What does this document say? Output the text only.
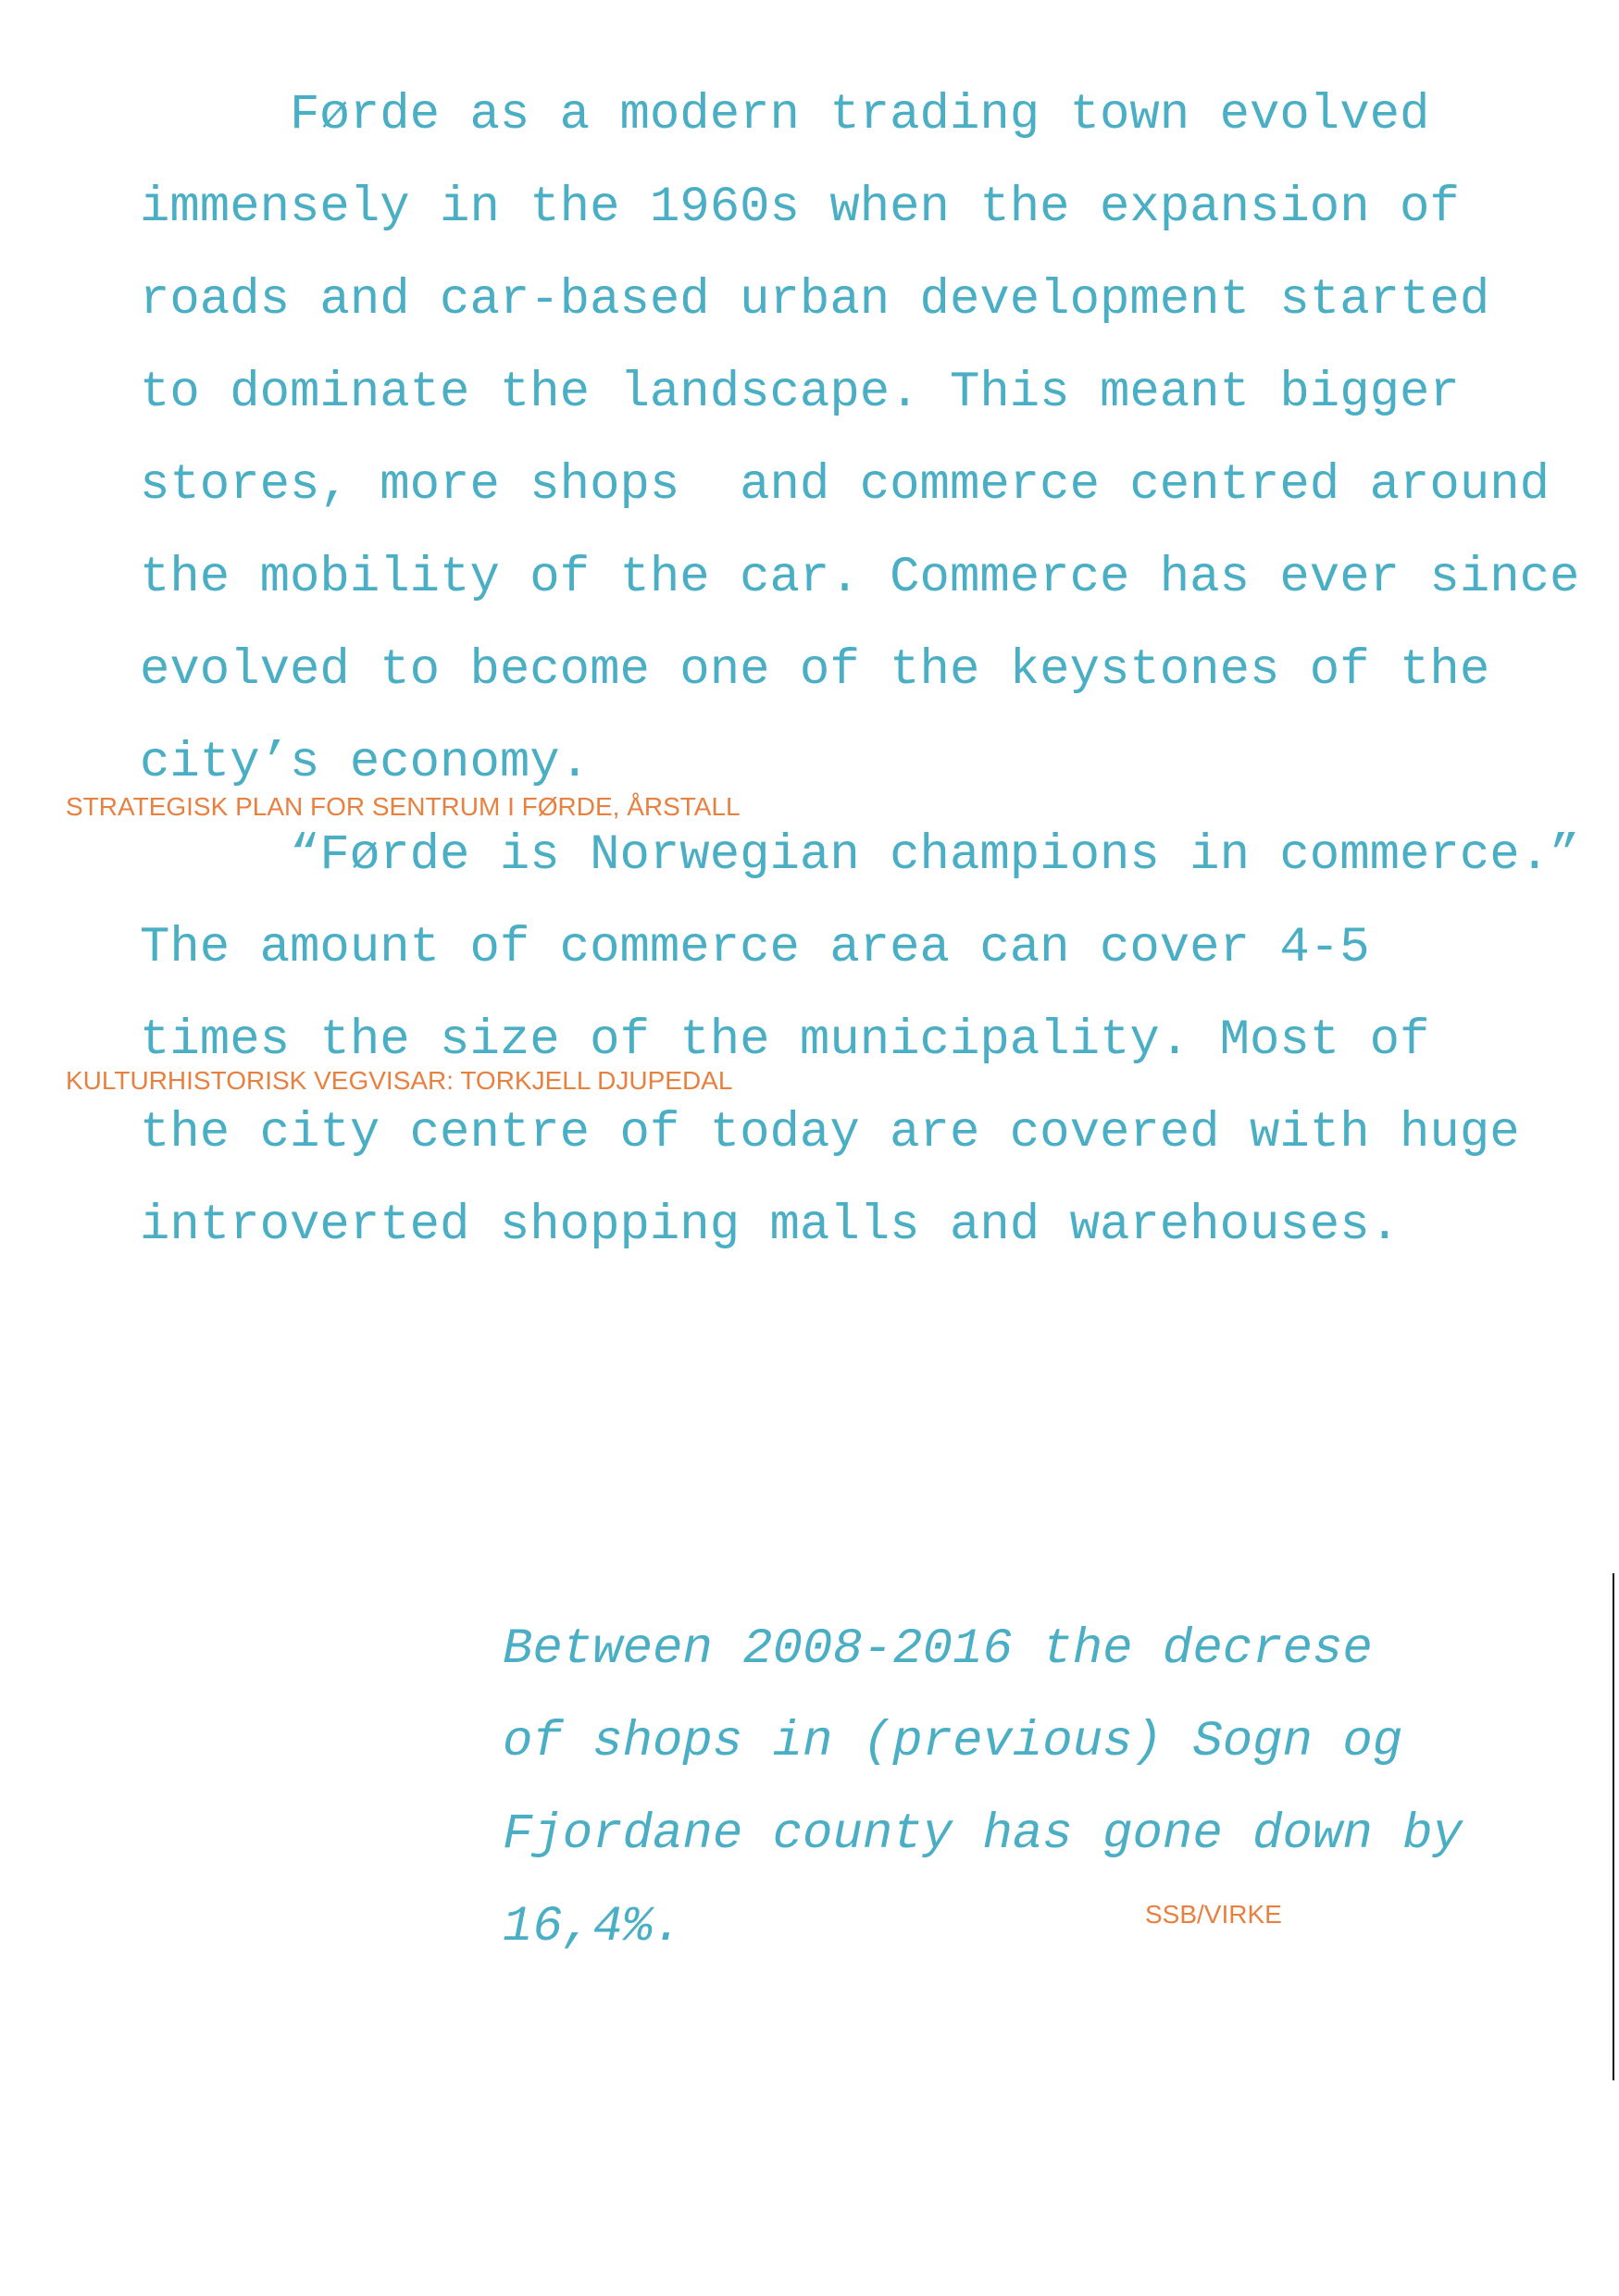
Førde as a modern trading town evolved

immensely in the 1960s when the expansion of

roads and car-based urban development started

to dominate the landscape. This meant bigger

stores, more shops  and commerce centred around

the mobility of the car. Commerce has ever since

evolved to become one of the keystones of the

city’s economy.

“Førde is Norwegian champions in commerce.”

The amount of commerce area can cover 4-5

times the size of the municipality. Most of

the city centre of today are covered with huge

introverted shopping malls and warehouses.

STRATEGISK PLAN FOR SENTRUM I FØRDE, ÅRSTALL

KULTURHISTORISK VEGVISAR: TORKJELL DJUPEDAL

Between 2008-2016 the decrese

of shops in (previous) Sogn og

Fjordane county has gone down by

16,4%.	SSB/VIRKE
